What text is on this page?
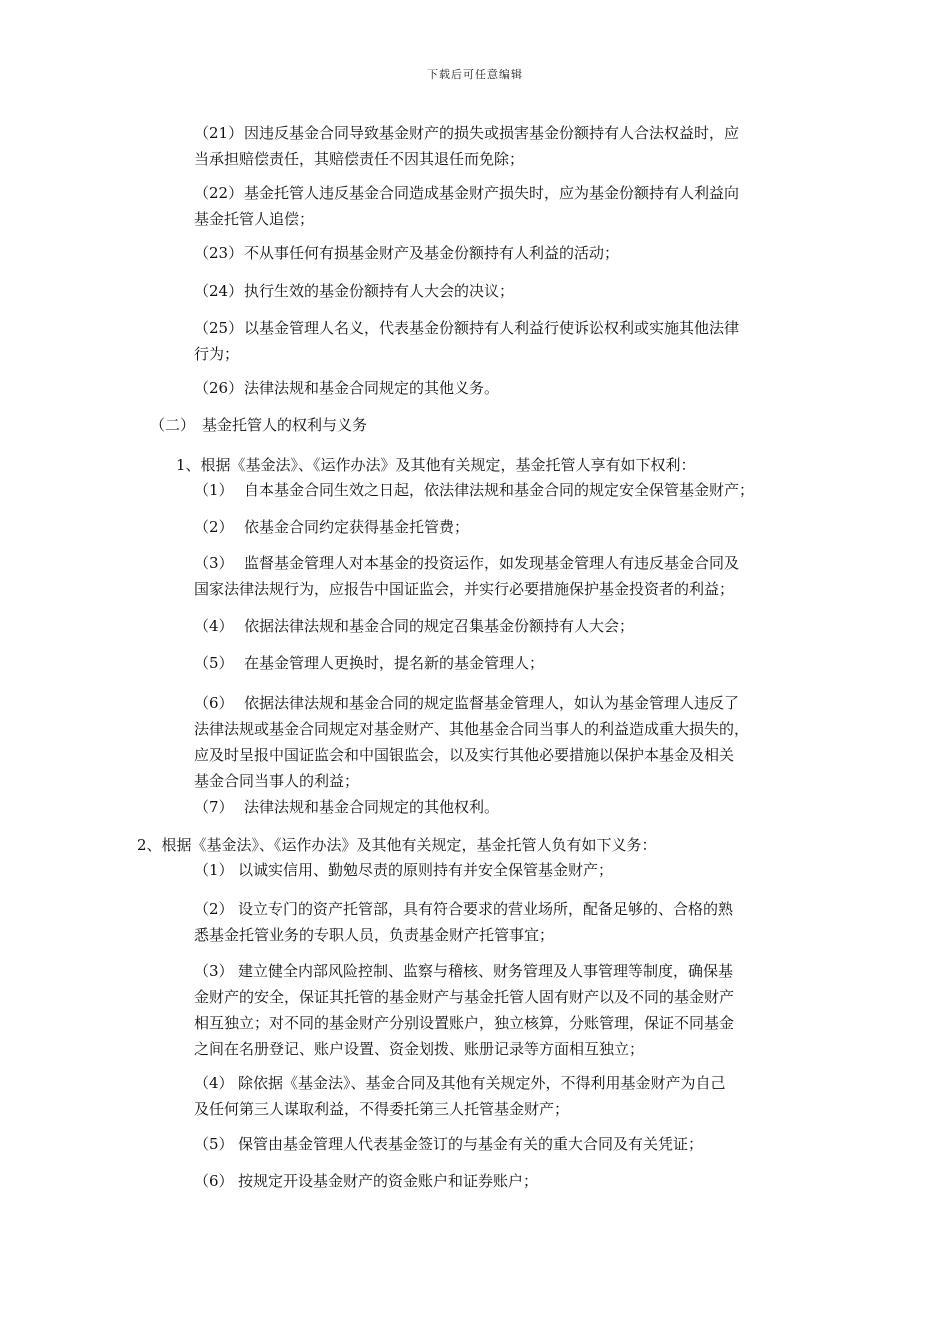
下载后可任意编辑
（21）因违反基金合同导致基金财产的损失或损害基金份额持有人合法权益时，应
当承担赔偿责任，其赔偿责任不因其退任而免除；
（22）基金托管人违反基金合同造成基金财产损失时，应为基金份额持有人利益向
基金托管人追偿；
（23）不从事任何有损基金财产及基金份额持有人利益的活动；
（24）执行生效的基金份额持有人大会的决议；
（25）以基金管理人名义，代表基金份额持有人利益行使诉讼权利或实施其他法律
行为；
（26）法律法规和基金合同规定的其他义务。
（二） 基金托管人的权利与义务
1、根据《基金法》、《运作办法》及其他有关规定，基金托管人享有如下权利：
（1） 自本基金合同生效之日起，依法律法规和基金合同的规定安全保管基金财产；
（2） 依基金合同约定获得基金托管费；
（3） 监督基金管理人对本基金的投资运作，如发现基金管理人有违反基金合同及
国家法律法规行为，应报告中国证监会，并实行必要措施保护基金投资者的利益；
（4） 依据法律法规和基金合同的规定召集基金份额持有人大会；
（5） 在基金管理人更换时，提名新的基金管理人；
（6） 依据法律法规和基金合同的规定监督基金管理人，如认为基金管理人违反了
法律法规或基金合同规定对基金财产、其他基金合同当事人的利益造成重大损失的，
应及时呈报中国证监会和中国银监会，以及实行其他必要措施以保护本基金及相关
基金合同当事人的利益；
（7） 法律法规和基金合同规定的其他权利。
2、根据《基金法》、《运作办法》及其他有关规定，基金托管人负有如下义务：
（1） 以诚实信用、勤勉尽责的原则持有并安全保管基金财产；
（2） 设立专门的资产托管部，具有符合要求的营业场所，配备足够的、合格的熟
悉基金托管业务的专职人员，负责基金财产托管事宜；
（3） 建立健全内部风险控制、监察与稽核、财务管理及人事管理等制度，确保基
金财产的安全，保证其托管的基金财产与基金托管人固有财产以及不同的基金财产
相互独立；对不同的基金财产分别设置账户，独立核算，分账管理，保证不同基金
之间在名册登记、账户设置、资金划拨、账册记录等方面相互独立；
（4） 除依据《基金法》、基金合同及其他有关规定外，不得利用基金财产为自己
及任何第三人谋取利益，不得委托第三人托管基金财产；
（5） 保管由基金管理人代表基金签订的与基金有关的重大合同及有关凭证；
（6） 按规定开设基金财产的资金账户和证券账户；
